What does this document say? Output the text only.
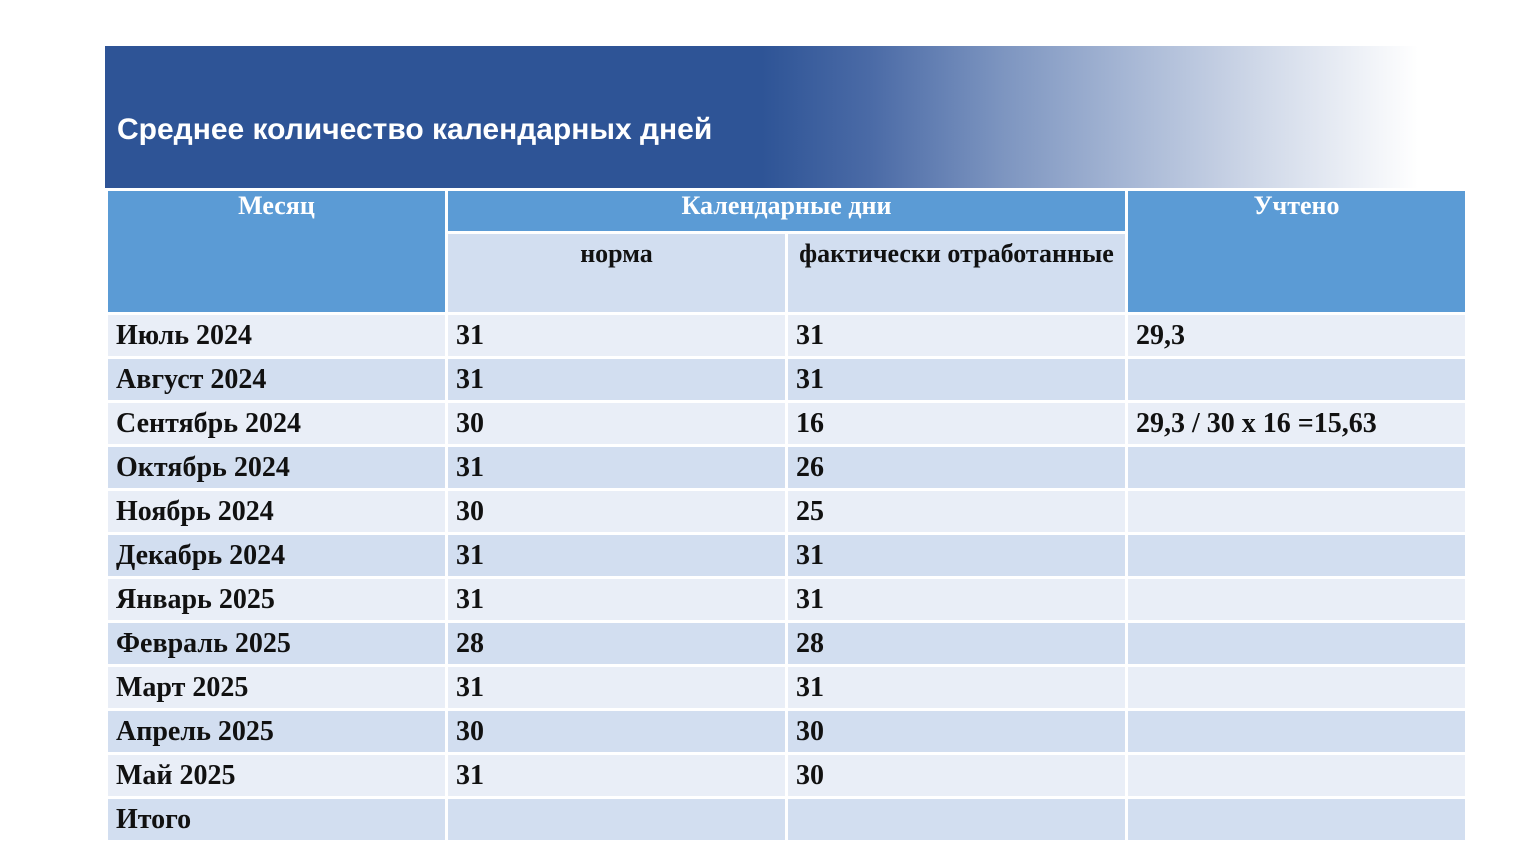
Среднее количество календарных дней
Месяц	Календарные дни		Учтено
	норма	фактически отработанные	
Июль 2024	31	31	29,3
Август 2024	31	31	
Сентябрь 2024	30	16	29,3 / 30 х 16 =15,63
Октябрь 2024	31	26	
Ноябрь 2024	30	25	
Декабрь 2024	31	31	
Январь 2025	31	31	
Февраль 2025	28	28	
Март 2025	31	31	
Апрель 2025	30	30	
Май 2025	31	30	
Итого			
